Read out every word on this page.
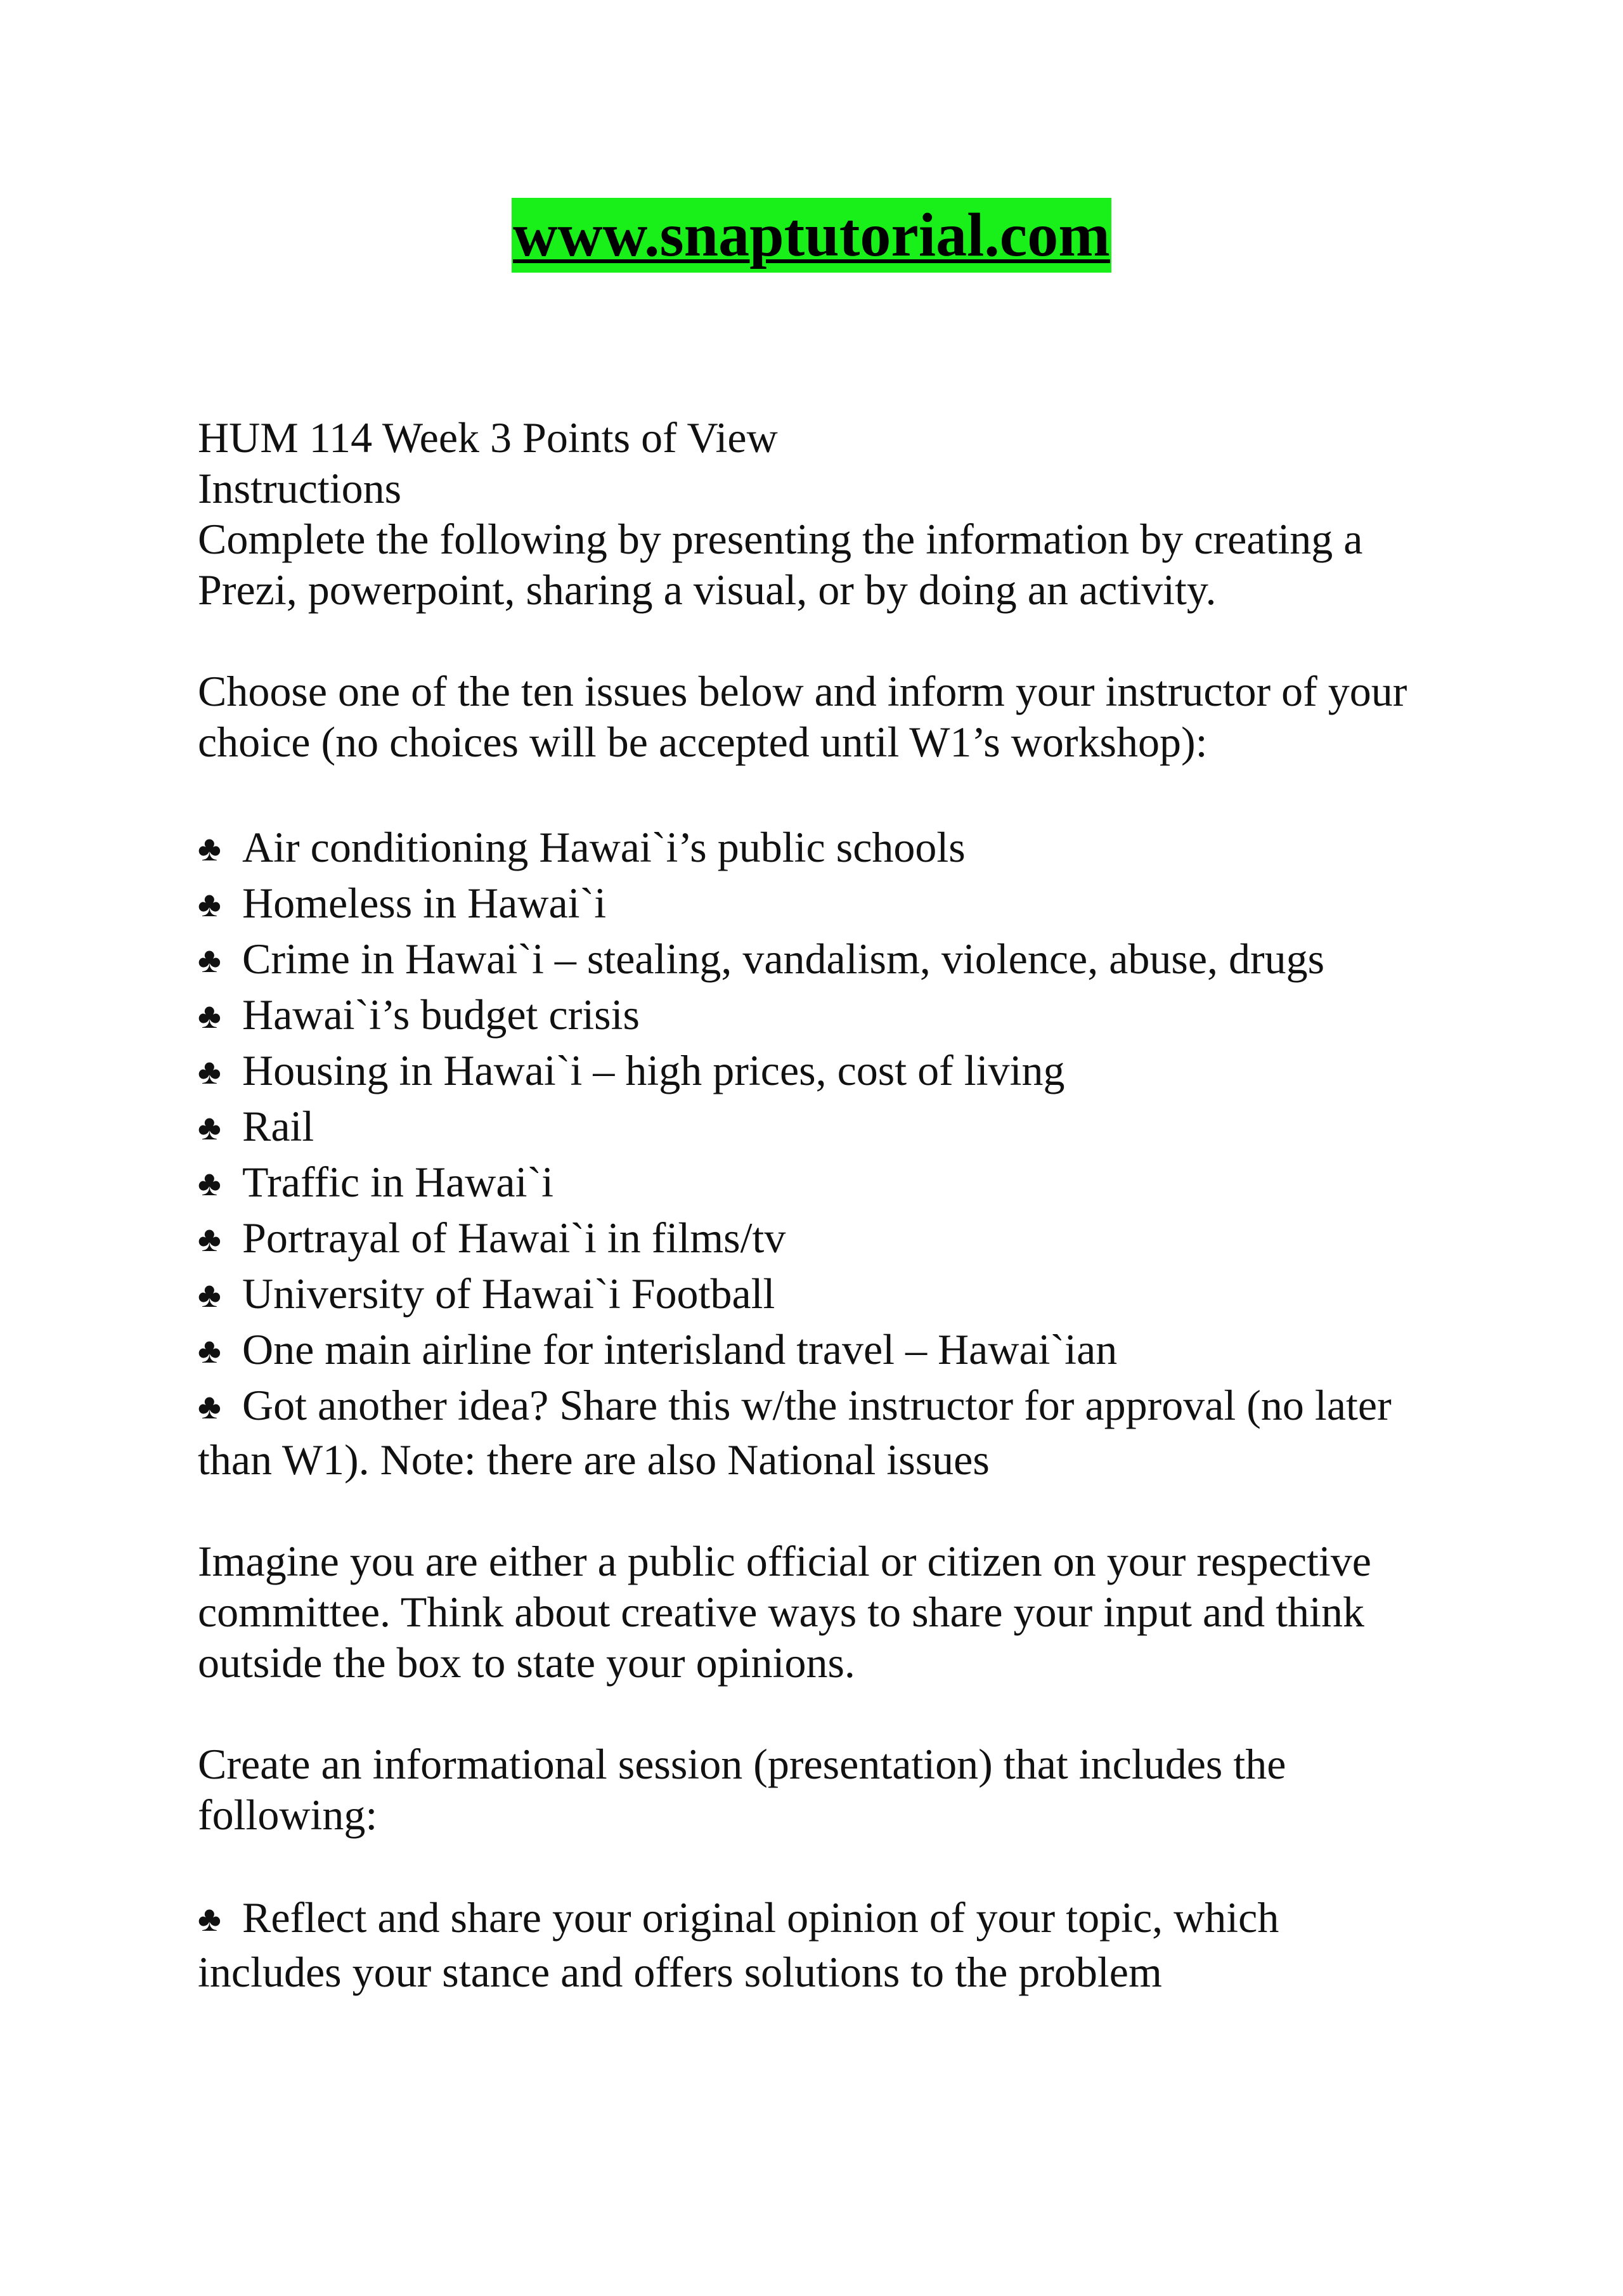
www.snaptutorial.com
HUM 114 Week 3 Points of View
Instructions
Complete the following by presenting the information by creating a
Prezi, powerpoint, sharing a visual, or by doing an activity.
Choose one of the ten issues below and inform your instructor of your
choice (no choices will be accepted until W1’s workshop):
♣ Air conditioning Hawai`i’s public schools
♣ Homeless in Hawai`i
♣ Crime in Hawai`i – stealing, vandalism, violence, abuse, drugs
♣ Hawai`i’s budget crisis
♣ Housing in Hawai`i – high prices, cost of living
♣ Rail
♣ Traffic in Hawai`i
♣ Portrayal of Hawai`i in films/tv
♣ University of Hawai`i Football
♣ One main airline for interisland travel – Hawai`ian
♣ Got another idea? Share this w/the instructor for approval (no later
than W1). Note: there are also National issues
Imagine you are either a public official or citizen on your respective
committee. Think about creative ways to share your input and think
outside the box to state your opinions.
Create an informational session (presentation) that includes the
following:
♣ Reflect and share your original opinion of your topic, which
includes your stance and offers solutions to the problem
